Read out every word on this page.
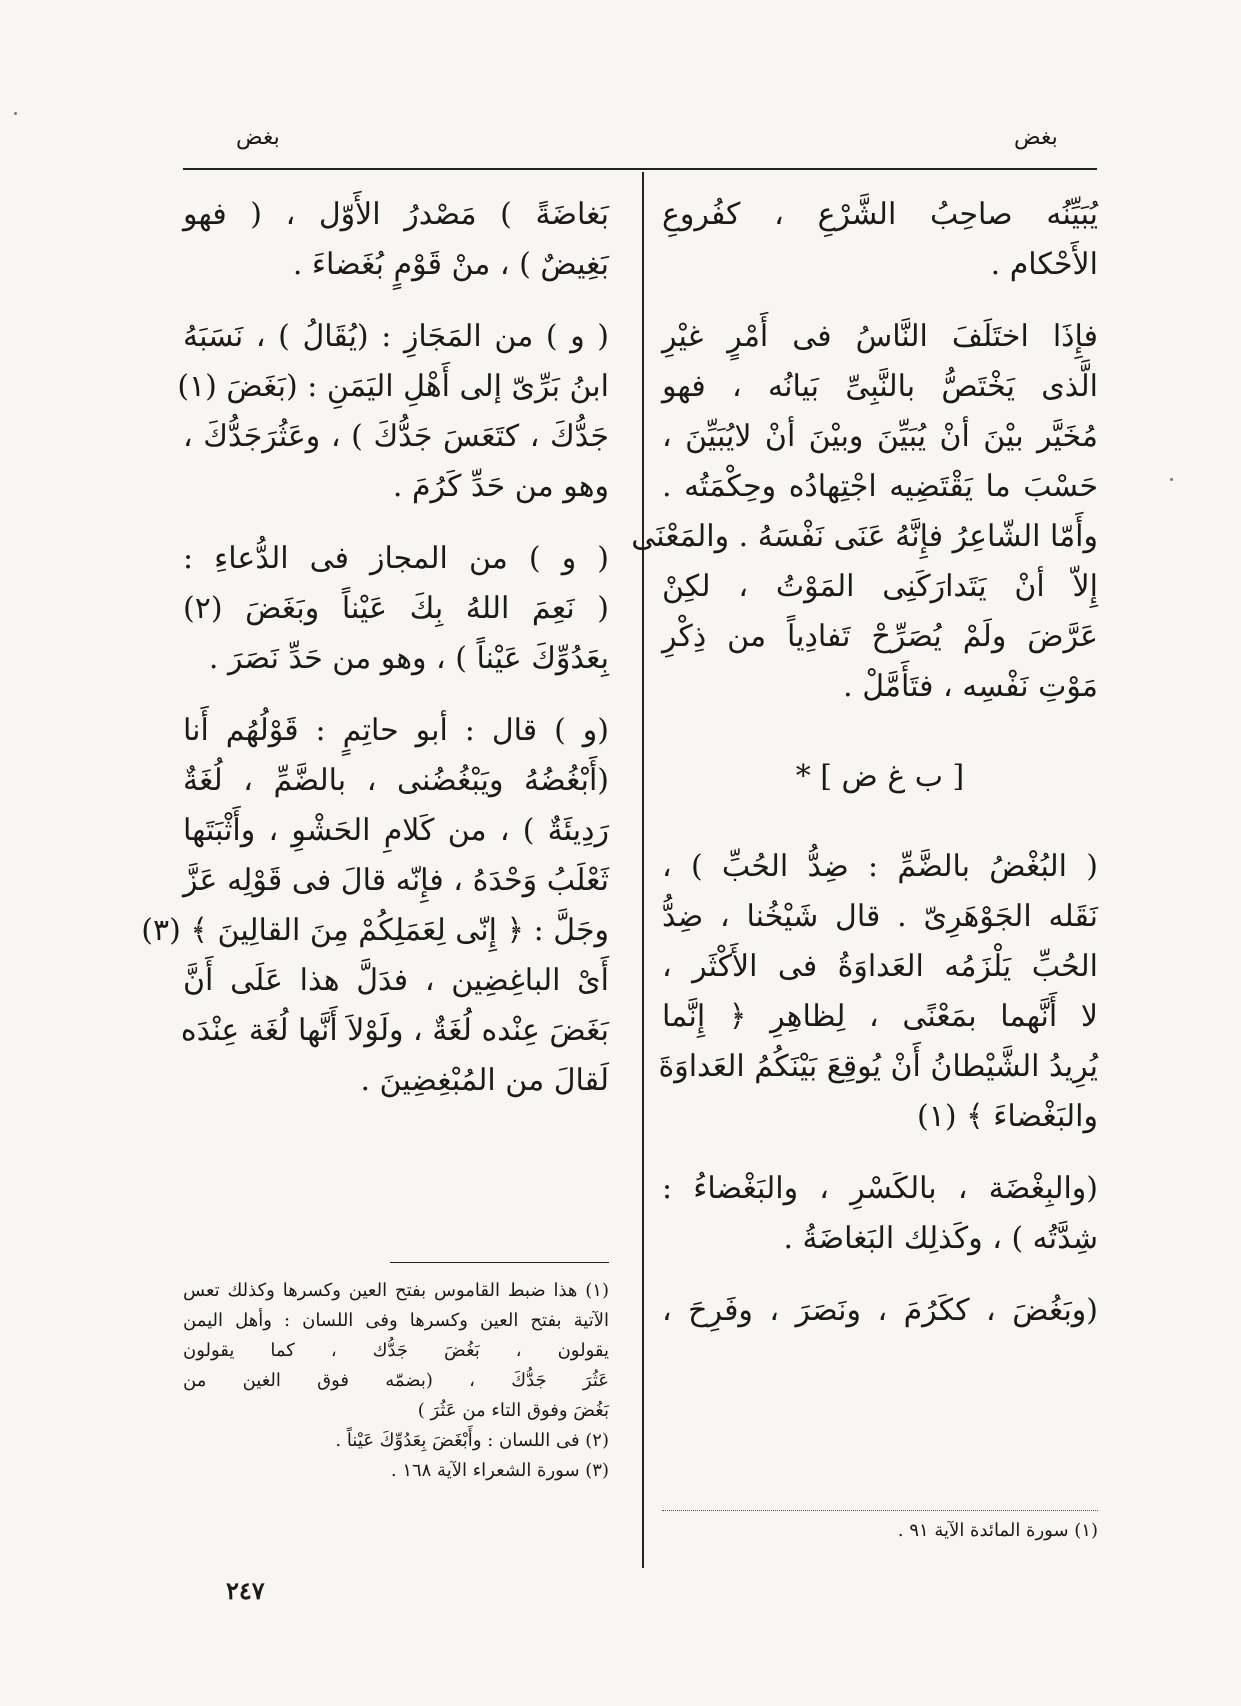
بغض	بغض
يُبَيِّنُه صاحِبُ الشَّرْعِ ، كفُروعِ
الأَحْكام .
فإِذَا اختَلَفَ النَّاسُ فى أَمْرٍ غيْرِ
الَّذى يَخْتَصُّ بالنَّبِىِّ بَيانُه ، فهو
مُخَيَّر بيْنَ أنْ يُبَيِّنَ وبيْنَ أنْ لايُبَيِّنَ ،
حَسْبَ ما يَقْتَضِيه اجْتِهادُه وحِكْمَتُه .
وأَمّا الشّاعِرُ فإِنَّهُ عَنَى نَفْسَهُ . والمَعْنَى
إِلاّ أنْ يَتَدارَكَنِى المَوْتُ ، لكِنْ
عَرَّضَ ولَمْ يُصَرِّحْ تَفادِياً من ذِكْرِ
مَوْتِ نَفْسِه ، فتَأَمَّلْ .
[ ب غ ض ] *
( البُغْضُ بالضَّمِّ : ضِدُّ الحُبِّ ) ،
نَقَله الجَوْهَرِىّ . قال شَيْخُنا ، ضِدُّ
الحُبِّ يَلْزَمُه العَداوَةُ فى الأَكْثَر ،
لا أَنَّهما بمَعْنًى ، لِظاهِرِ ﴿ إِنَّما
يُرِيدُ الشَّيْطانُ أَنْ يُوقِعَ بَيْنَكُمُ العَداوَةَ
والبَغْضاءَ ﴾ (١)
(والبِغْضَة ، بالكَسْرِ ، والبَغْضاءُ :
شِدَّتُه ) ، وكَذلِك البَغاضَةُ .
(وبَغُضَ ، ككَرُمَ ، ونَصَرَ ، وفَرِحَ ،
(١) سورة المائدة الآية ٩١ .
بَغاضَةً ) مَصْدرُ الأَوّل ، ( فهو
بَغِيضٌ ) ، منْ قَوْمٍ بُغَضاءَ .
( و ) من المَجَازِ : (يُقَالُ ) ، نَسَبَهُ
ابنُ بَرِّىّ إلى أَهْلِ اليَمَنِ : (بَغَضَ (١)
جَدُّكَ ، كتَعَسَ جَدُّكَ ) ، وعَثُرَجَدُّكَ ،
وهو من حَدِّ كَرُمَ .
( و ) من المجاز فى الدُّعاءِ :
( نَعِمَ اللهُ بِكَ عَيْناً وبَغَضَ (٢)
بِعَدُوِّكَ عَيْناً ) ، وهو من حَدِّ نَصَرَ .
(و ) قال : أبو حاتِمٍ : قَوْلُهُم أَنا
(أَبْغُضُهُ ويَبْغُضُنى ، بالضَّمِّ ، لُغَةٌ
رَدِيئَةٌ ) ، من كَلامِ الحَشْوِ ، وأَثْبَتَها
ثَعْلَبُ وَحْدَهُ ، فإِنّه قالَ فى قَوْلِه عَزَّ
وجَلَّ : ﴿ إِنّى لِعَمَلِكُمْ مِنَ القالِينَ ﴾ (٣)
أَىْ الباغِضِين ، فدَلَّ هذا عَلَى أَنَّ
بَغَضَ عِنْده لُغَةٌ ، ولَوْلاَ أَنَّها لُغَة عِنْدَه
لَقالَ من المُبْغِضِينَ .
(١) هذا ضبط القاموس بفتح العين وكسرها وكذلك تعس
الآتية بفتح العين وكسرها وفى اللسان : وأهل اليمن
يقولون ، بَغُضَ جَدُّك ، كما يقولون
عَثُرَ جَدُّكَ ، (بضمّه فوق الغين من
بَغُضَ وفوق التاء من عَثُرَ )
(٢) فى اللسان : وأَبْغَضَ بِعَدُوِّكَ عَيْناً .
(٣) سورة الشعراء الآية ١٦٨ .
٢٤٧
